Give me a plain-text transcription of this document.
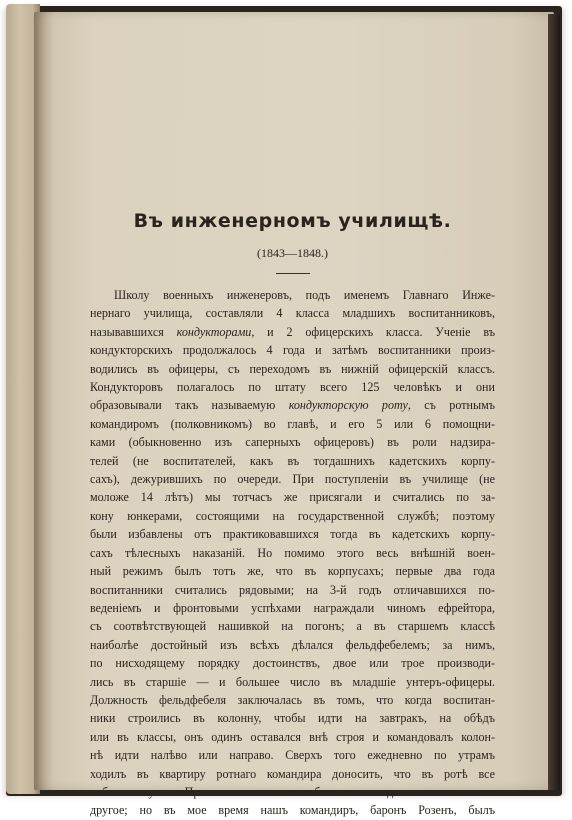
Въ инженерномъ училищѣ.
(1843—1848.)
Школу военныхъ инженеровъ, подъ именемъ Главнаго Инже-
нернаго училища, составляли 4 класса младшихъ воспитанниковъ,
называвшихся кондукторами, и 2 офицерскихъ класса. Ученіе въ
кондукторскихъ продолжалось 4 года и затѣмъ воспитанники произ-
водились въ офицеры, съ переходомъ въ нижній офицерскій классъ.
Кондукторовъ полагалось по штату всего 125 человѣкъ и они
образовывали такъ называемую кондукторскую роту, съ ротнымъ
командиромъ (полковникомъ) во главѣ, и его 5 или 6 помощни-
ками (обыкновенно изъ саперныхъ офицеровъ) въ роли надзира-
телей (не воспитателей, какъ въ тогдашнихъ кадетскихъ корпу-
сахъ), дежурившихъ по очереди. При поступленіи въ училище (не
моложе 14 лѣтъ) мы тотчасъ же присягали и считались по за-
кону юнкерами, состоящими на государственной службѣ; поэтому
были избавлены отъ практиковавшихся тогда въ кадетскихъ корпу-
сахъ тѣлесныхъ наказаній. Но помимо этого весь внѣшній воен-
ный режимъ былъ тотъ же, что въ корпусахъ; первые два года
воспитанники считались рядовыми; на 3-й годъ отличавшихся по-
веденіемъ и фронтовыми успѣхами награждали чиномъ ефрейтора,
съ соотвѣтствующей нашивкой на погонъ; а въ старшемъ классѣ
наиболѣе достойный изъ всѣхъ дѣлался фельдфебелемъ; за нимъ,
по нисходящему порядку достоинствъ, двое или трое производи-
лись въ старшіе — и большее число въ младшіе унтеръ-офицеры.
Должность фельдфебеля заключалась въ томъ, что когда воспитан-
ники строились въ колонну, чтобы идти на завтракъ, на обѣдъ
или въ классы, онъ одинъ оставался внѣ строя и командовалъ колон-
нѣ идти налѣво или направо. Сверхъ того ежедневно по утрамъ
ходилъ въ квартиру ротнаго командира доносить, что въ ротѣ все
благополучно. При этомъ онъ могъ бы конечно доносить и многое
другое; но въ мое время нашъ командиръ, баронъ Розенъ, былъ
